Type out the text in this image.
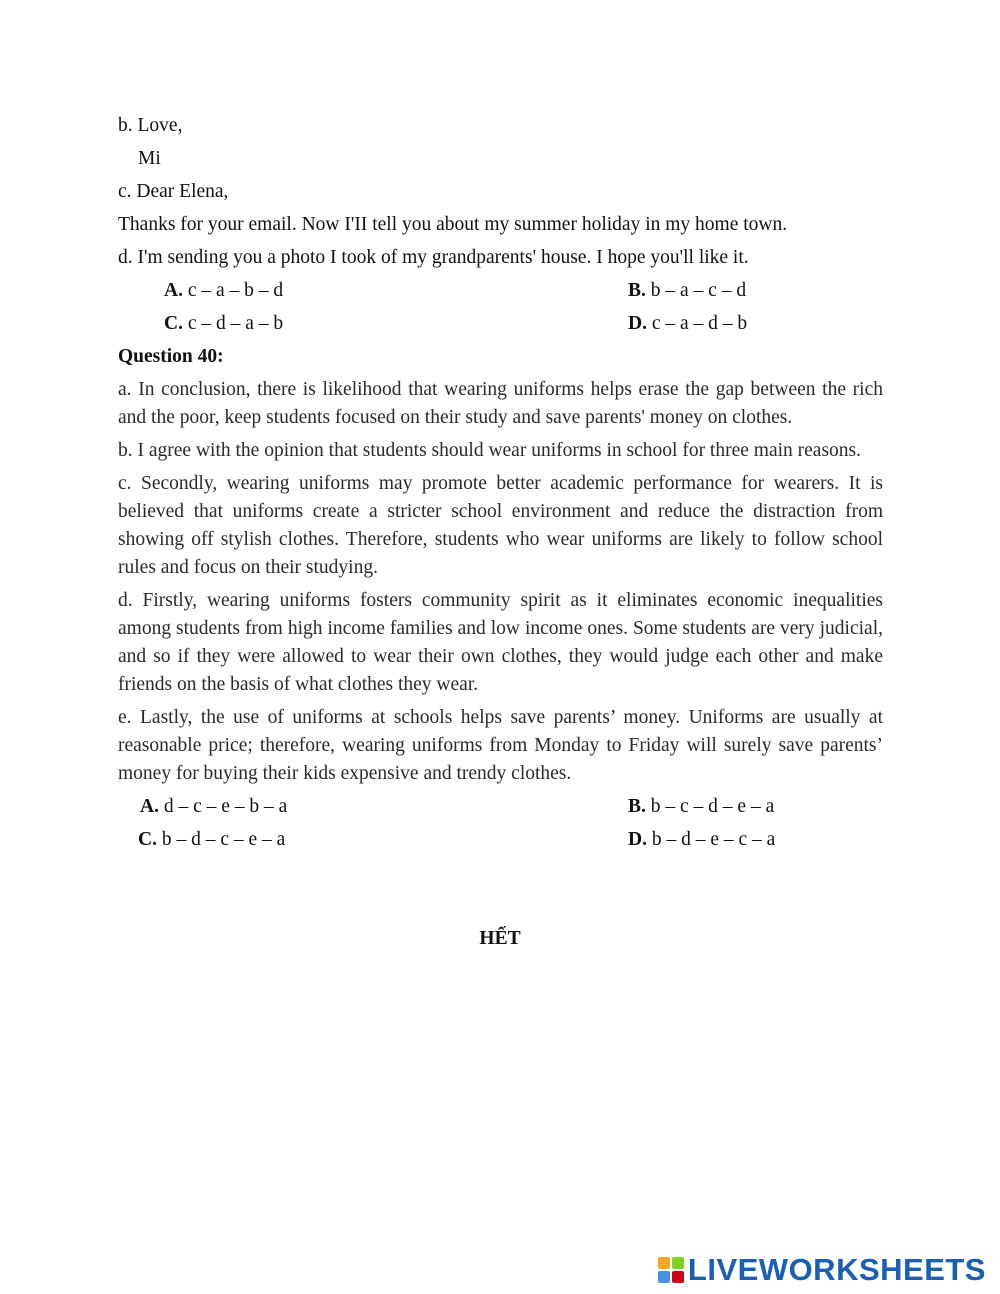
b. Love,
Mi
c. Dear Elena,
Thanks for your email. Now I'II tell you about my summer holiday in my home town.
d. I'm sending you a photo I took of my grandparents' house. I hope you'll like it.
A. c – a – b – d	B. b – a – c – d
C. c – d – a – b	D. c – a – d – b
Question 40:

a. In conclusion, there is likelihood that wearing uniforms helps erase the gap between the rich and the poor, keep students focused on their study and save parents' money on clothes.

b. I agree with the opinion that students should wear uniforms in school for three main reasons.

c. Secondly, wearing uniforms may promote better academic performance for wearers. It is believed that uniforms create a stricter school environment and reduce the distraction from showing off stylish clothes. Therefore, students who wear uniforms are likely to follow school rules and focus on their studying.

d. Firstly, wearing uniforms fosters community spirit as it eliminates economic inequalities among students from high income families and low income ones. Some students are very judicial, and so if they were allowed to wear their own clothes, they would judge each other and make friends on the basis of what clothes they wear.

e. Lastly, the use of uniforms at schools helps save parents’ money. Uniforms are usually at reasonable price; therefore, wearing uniforms from Monday to Friday will surely save parents’ money for buying their kids expensive and trendy clothes.

A. d – c – e – b – a	B. b – c – d – e – a
C. b – d – c – e – a	D. b – d – e – c – a
HẾT
LIVEWORKSHEETS
